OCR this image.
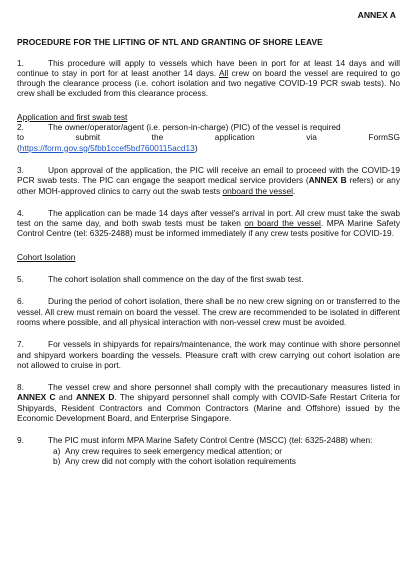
ANNEX A
PROCEDURE FOR THE LIFTING OF NTL AND GRANTING OF SHORE LEAVE

1.	This procedure will apply to vessels which have been in port for at least 14 days and will continue to stay in port for at least another 14 days. All crew on board the vessel are required to go through the clearance process (i.e. cohort isolation and two negative COVID-19 PCR swab tests). No crew shall be excluded from this clearance process.

Application and first swab test

2.	The owner/operator/agent (i.e. person-in-charge) (PIC) of the vessel is required

to	submit	the	application	via	FormSG

(https://form.gov.sg/5fbb1ccef5bd7600115acd13)

3.	Upon approval of the application, the PIC will receive an email to proceed with the COVID-19 PCR swab tests. The PIC can engage the seaport medical service providers (ANNEX B refers) or any other MOH-approved clinics to carry out the swab tests onboard the vessel.

4.	The application can be made 14 days after vessel's arrival in port. All crew must take the swab test on the same day, and both swab tests must be taken on board the vessel. MPA Marine Safety Control Centre (tel: 6325-2488) must be informed immediately if any crew tests positive for COVID-19.

Cohort Isolation

5.	The cohort isolation shall commence on the day of the first swab test.

6.	During the period of cohort isolation, there shall be no new crew signing on or transferred to the vessel. All crew must remain on board the vessel. The crew are recommended to be isolated in different rooms where possible, and all physical interaction with non-vessel crew must be avoided.

7.	For vessels in shipyards for repairs/maintenance, the work may continue with shore personnel and shipyard workers boarding the vessels. Pleasure craft with crew carrying out cohort isolation are not allowed to cruise in port.

8.	The vessel crew and shore personnel shall comply with the precautionary measures listed in ANNEX C and ANNEX D. The shipyard personnel shall comply with COVID-Safe Restart Criteria for Shipyards, Resident Contractors and Common Contractors (Marine and Offshore) issued by the Economic Development Board, and Enterprise Singapore.

9.	The PIC must inform MPA Marine Safety Control Centre (MSCC) (tel: 6325-2488) when:

a) Any crew requires to seek emergency medical attention; or
b) Any crew did not comply with the cohort isolation requirements
